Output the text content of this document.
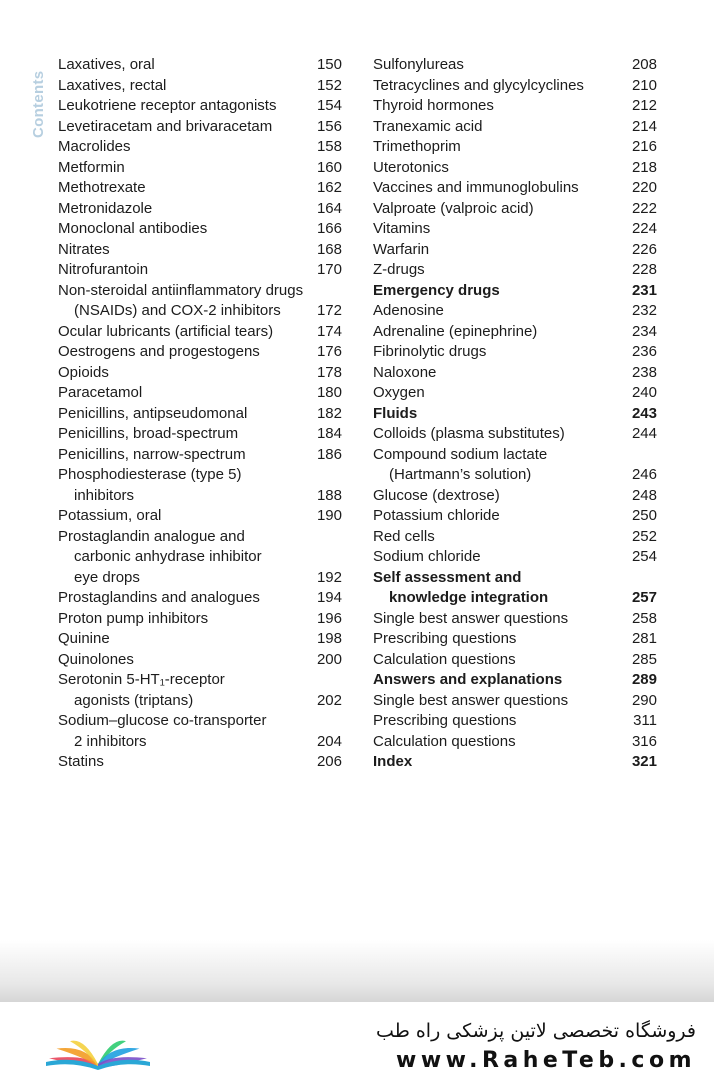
Contents
Laxatives, oral	150
Laxatives, rectal	152
Leukotriene receptor antagonists	154
Levetiracetam and brivaracetam	156
Macrolides	158
Metformin	160
Methotrexate	162
Metronidazole	164
Monoclonal antibodies	166
Nitrates	168
Nitrofurantoin	170
Non-steroidal antiinflammatory drugs
(NSAIDs) and COX-2 inhibitors 172
Ocular lubricants (artificial tears)	174
Oestrogens and progestogens	176
Opioids	178
Paracetamol	180
Penicillins, antipseudomonal	182
Penicillins, broad-spectrum	184
Penicillins, narrow-spectrum	186
Phosphodiesterase (type 5)
inhibitors	188
Potassium, oral	190
Prostaglandin analogue and
carbonic anhydrase inhibitor
eye drops	192
Prostaglandins and analogues	194
Proton pump inhibitors	196
Quinine	198
Quinolones	200
Serotonin 5-HT₁-receptor
agonists (triptans)	202
Sodium–glucose co-transporter
2 inhibitors	204
Statins	206
Sulfonylureas	208
Tetracyclines and glycylcyclines	210
Thyroid hormones	212
Tranexamic acid	214
Trimethoprim	216
Uterotonics	218
Vaccines and immunoglobulins	220
Valproate (valproic acid)	222
Vitamins	224
Warfarin	226
Z-drugs	228
Emergency drugs	231
Adenosine	232
Adrenaline (epinephrine)	234
Fibrinolytic drugs	236
Naloxone	238
Oxygen	240
Fluids	243
Colloids (plasma substitutes)	244
Compound sodium lactate
(Hartmann’s solution)	246
Glucose (dextrose)	248
Potassium chloride	250
Red cells	252
Sodium chloride	254
Self assessment and
knowledge integration	257
Single best answer questions	258
Prescribing questions	281
Calculation questions	285
Answers and explanations	289
Single best answer questions	290
Prescribing questions	311
Calculation questions	316
Index	321
فروشگاه تخصصی لاتین پزشکی راه طب
www.RaheTeb.com
